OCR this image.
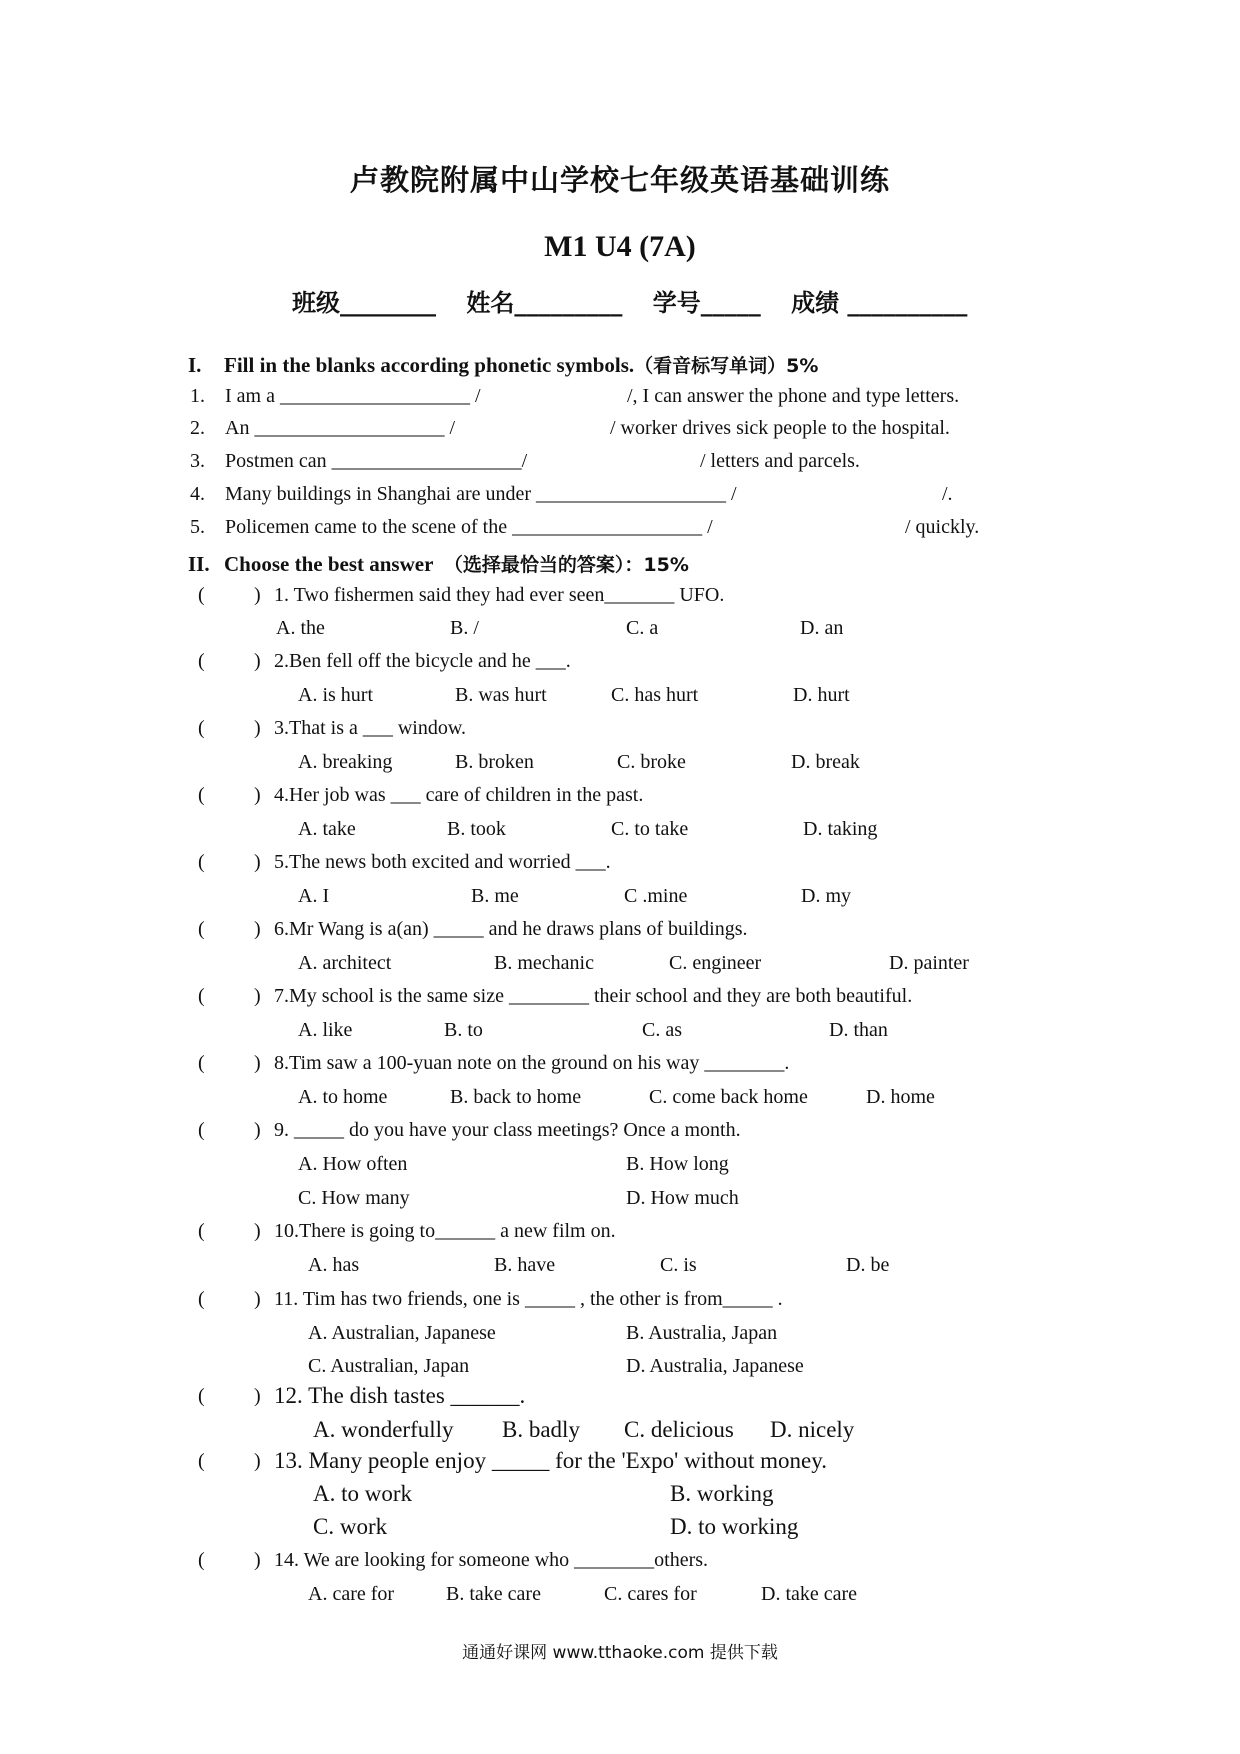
卢教院附属中山学校七年级英语基础训练
M1 U4 (7A)
班级________ 姓名_________ 学号_____ 成绩 __________
I. Fill in the blanks according phonetic symbols.（看音标写单词）5%
1. I am a ___________________ /	/, I can answer the phone and type letters.
2. An ___________________ /	/ worker drives sick people to the hospital.
3. Postmen can ___________________/	/ letters and parcels.
4. Many buildings in Shanghai are under ___________________ /	/.
5. Policemen came to the scene of the ___________________ /	/ quickly.
II. Choose the best answer （选择最恰当的答案）：15%
( ) 1. Two fishermen said they had ever seen_______ UFO.
A. the	B. /	C. a	D. an
( ) 2.Ben fell off the bicycle and he ___.
A. is hurt	B. was hurt	C. has hurt	D. hurt
( ) 3.That is a ___ window.
A. breaking	B. broken	C. broke	D. break
( ) 4.Her job was ___ care of children in the past.
A. take	B. took	C. to take	D. taking
( ) 5.The news both excited and worried ___.
A. I	B. me	C .mine	D. my
( ) 6.Mr Wang is a(an) _____ and he draws plans of buildings.
A. architect	B. mechanic	C. engineer	D. painter
( ) 7.My school is the same size ________ their school and they are both beautiful.
A. like	B. to	C. as	D. than
( ) 8.Tim saw a 100-yuan note on the ground on his way ________.
A. to home	B. back to home	C. come back home	D. home
( ) 9. _____ do you have your class meetings? Once a month.
A. How often	B. How long
C. How many	D. How much
( ) 10.There is going to______ a new film on.
A. has	B. have	C. is	D. be
( ) 11. Tim has two friends, one is _____ , the other is from_____ .
A. Australian, Japanese	B. Australia, Japan
C. Australian, Japan	D. Australia, Japanese
( ) 12. The dish tastes ______.
A. wonderfully B. badly C. delicious D. nicely
( ) 13. Many people enjoy _____ for the 'Expo' without money.
A. to work	B. working
C. work	D. to working
( ) 14. We are looking for someone who ________others.
A. care for	B. take care	C. cares for	D. take care
通通好课网 www.tthaoke.com 提供下载
